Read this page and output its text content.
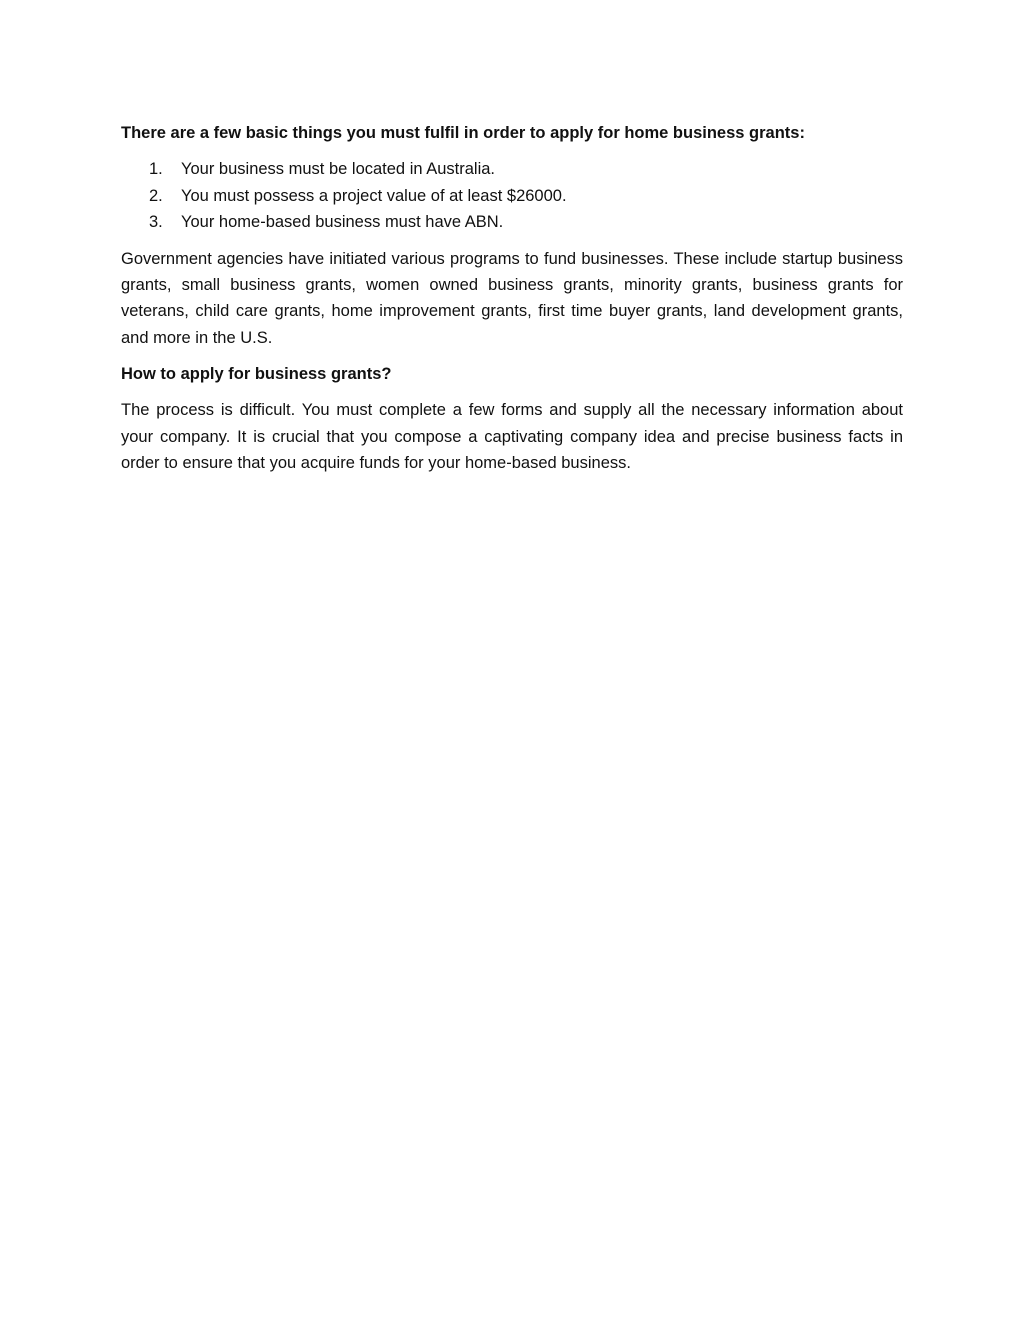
There are a few basic things you must fulfil in order to apply for home business grants:
1.	Your business must be located in Australia.
2.	You must possess a project value of at least $26000.
3.	Your home-based business must have ABN.

Government agencies have initiated various programs to fund businesses. These include startup business grants, small business grants, women owned business grants, minority grants, business grants for veterans, child care grants, home improvement grants, first time buyer grants, land development grants, and more in the U.S.

How to apply for business grants?

The process is difficult. You must complete a few forms and supply all the necessary information about your company. It is crucial that you compose a captivating company idea and precise business facts in order to ensure that you acquire funds for your home-based business.
